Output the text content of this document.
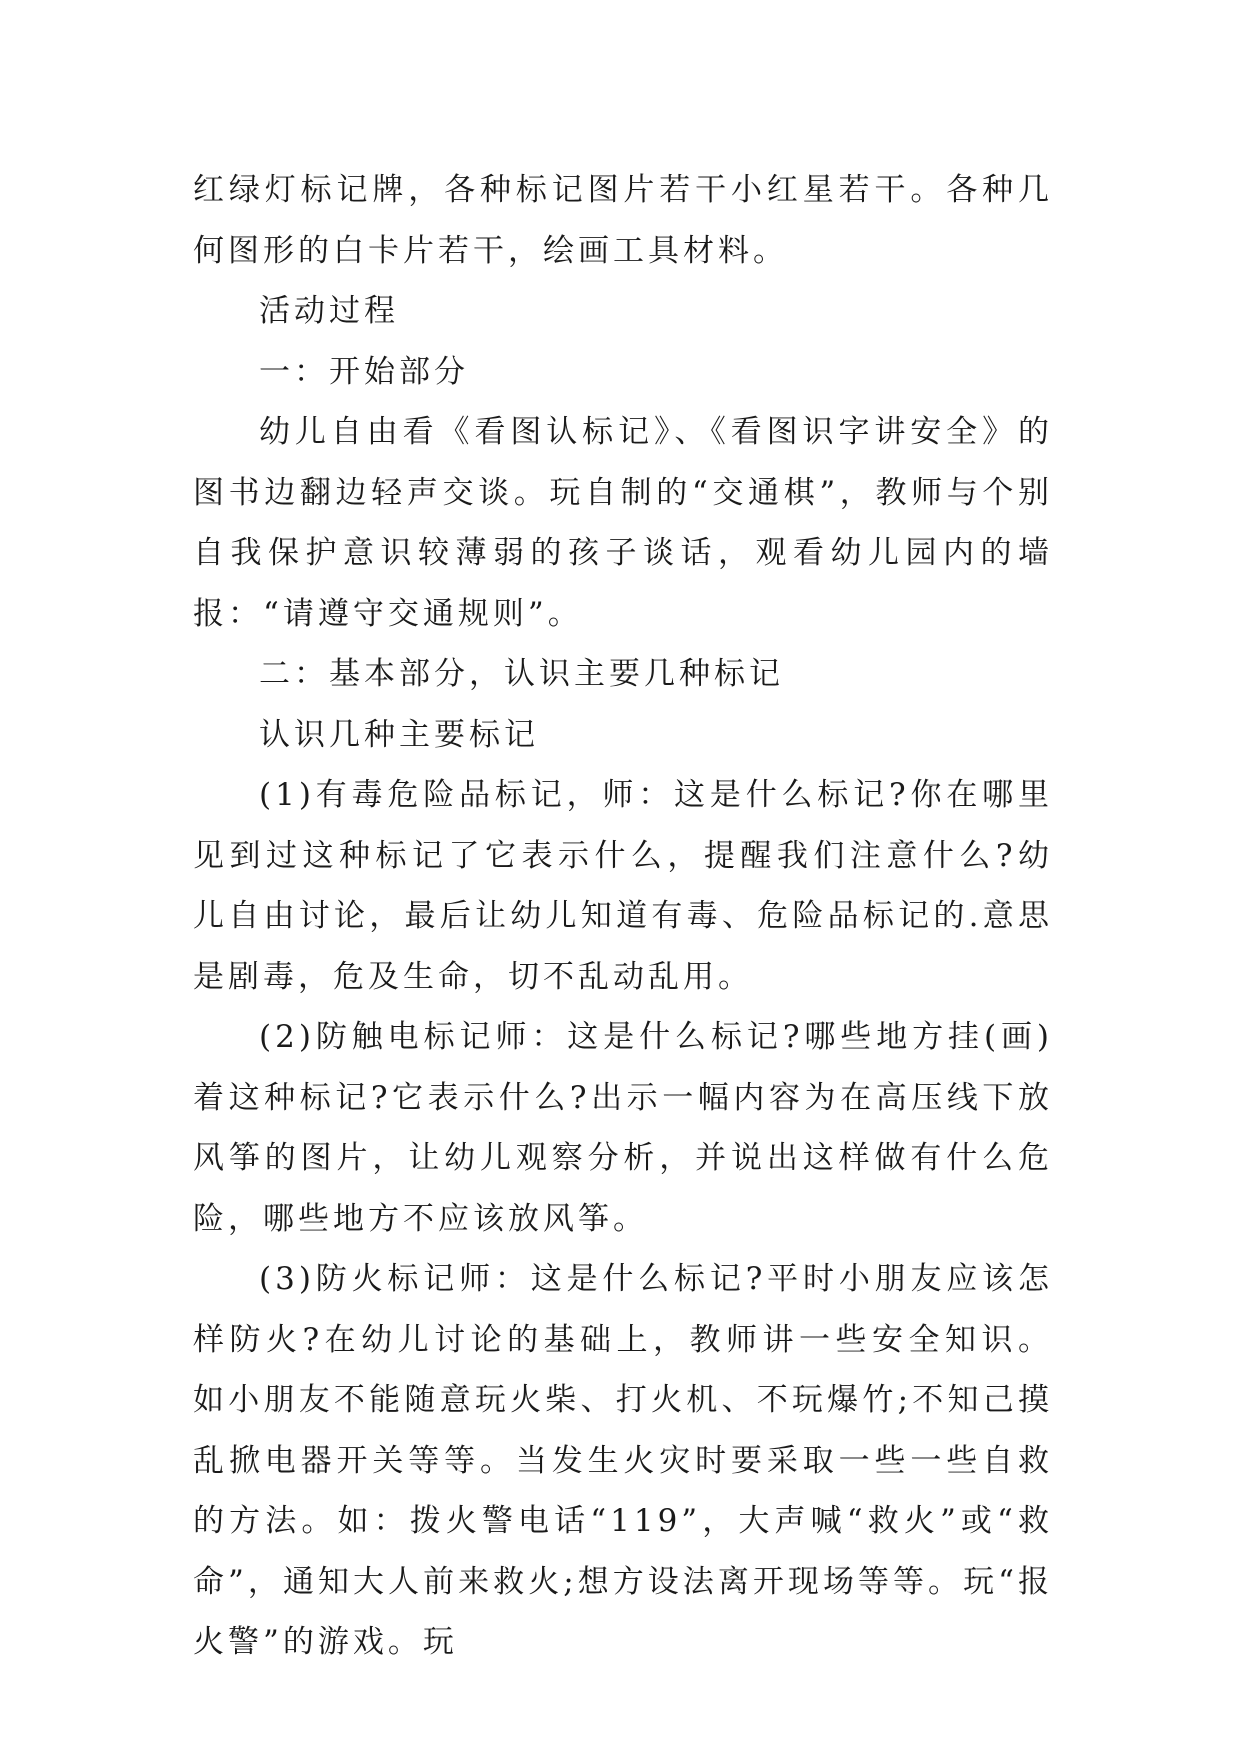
红绿灯标记牌，各种标记图片若干小红星若干。各种几何图形的白卡片若干，绘画工具材料。

活动过程

一：开始部分

幼儿自由看《看图认标记》、《看图识字讲安全》的图书边翻边轻声交谈。玩自制的“交通棋”，教师与个别自我保护意识较薄弱的孩子谈话，观看幼儿园内的墙报：“请遵守交通规则”。

二：基本部分，认识主要几种标记

认识几种主要标记

(1)有毒危险品标记，师：这是什么标记?你在哪里见到过这种标记了它表示什么，提醒我们注意什么?幼儿自由讨论，最后让幼儿知道有毒、危险品标记的.意思是剧毒，危及生命，切不乱动乱用。

(2)防触电标记师：这是什么标记?哪些地方挂(画)着这种标记?它表示什么?出示一幅内容为在高压线下放风筝的图片，让幼儿观察分析，并说出这样做有什么危险，哪些地方不应该放风筝。

(3)防火标记师：这是什么标记?平时小朋友应该怎样防火?在幼儿讨论的基础上，教师讲一些安全知识。如小朋友不能随意玩火柴、打火机、不玩爆竹;不知己摸乱掀电器开关等等。当发生火灾时要采取一些一些自救的方法。如：拨火警电话“119”，大声喊“救火”或“救命”，通知大人前来救火;想方设法离开现场等等。玩“报火警”的游戏。玩
